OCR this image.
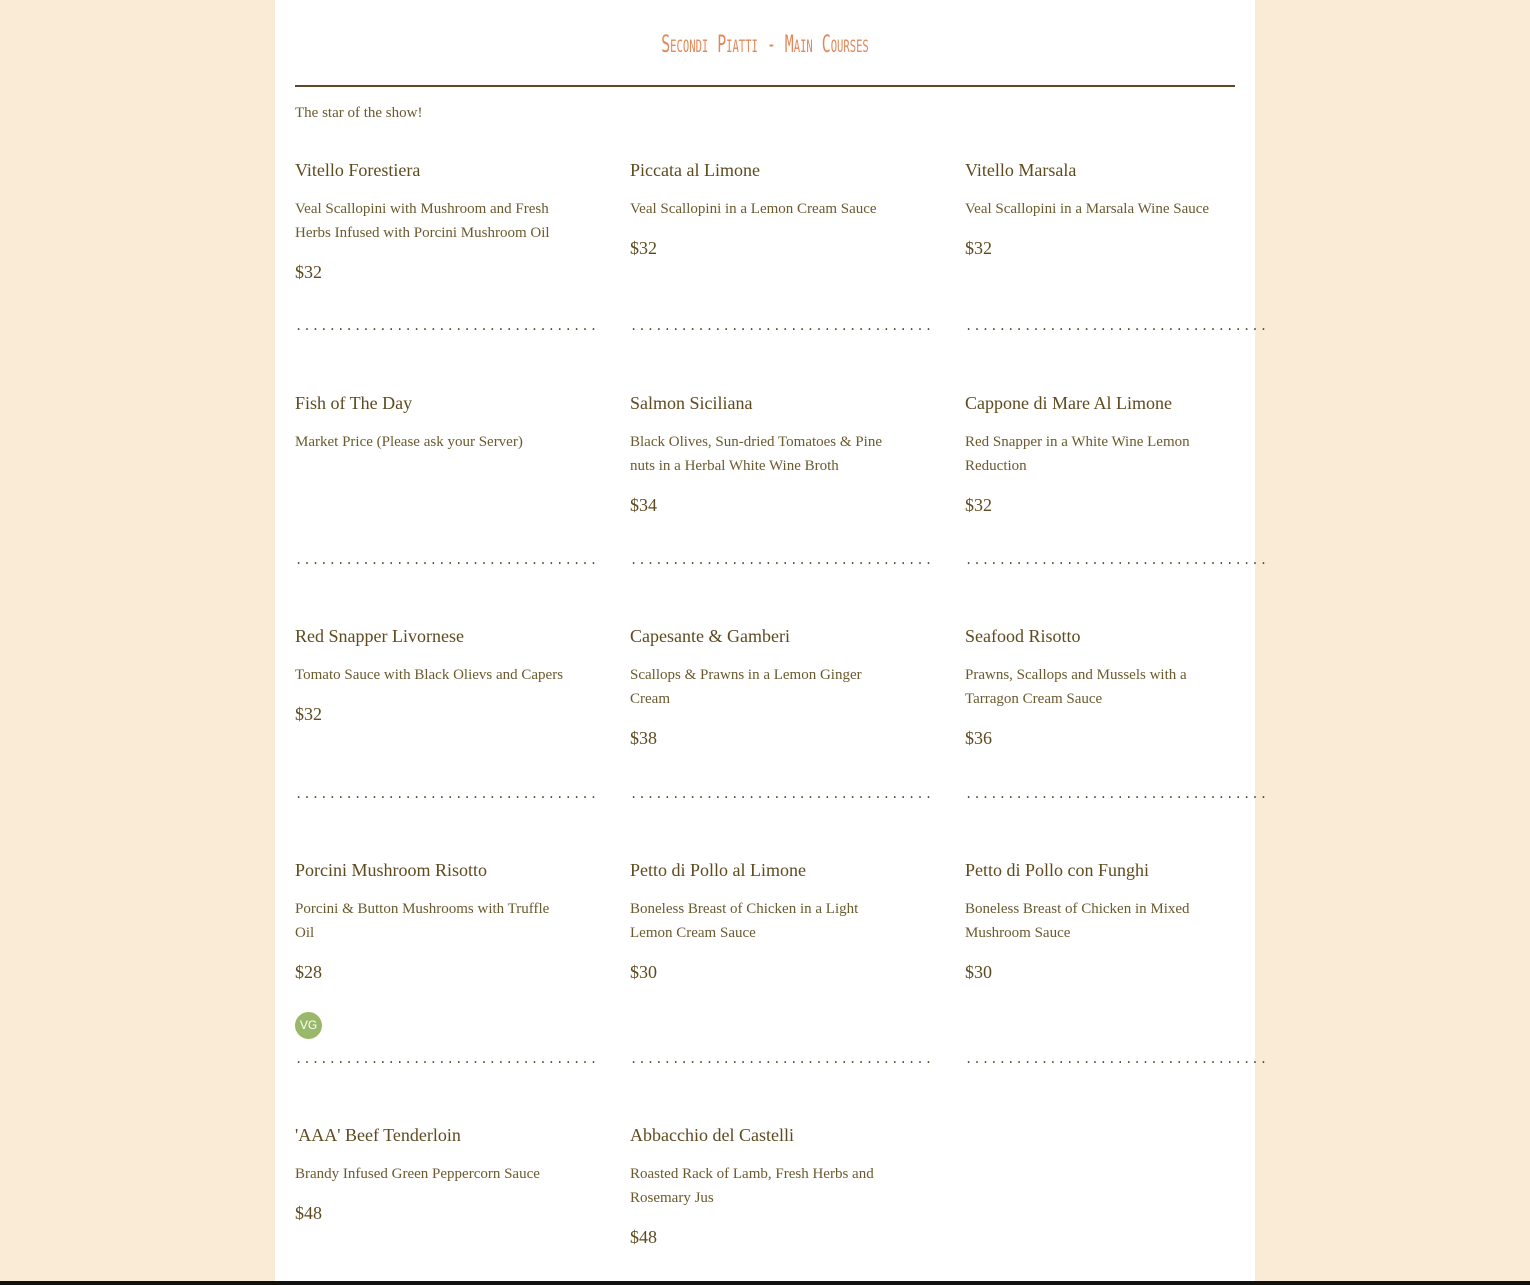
Secondi Piatti - Main Courses

The star of the show!

Vitello Forestiera

Veal Scallopini with Mushroom and Fresh Herbs Infused with Porcini Mushroom Oil

$32

Piccata al Limone

Veal Scallopini in a Lemon Cream Sauce

$32

Vitello Marsala

Veal Scallopini in a Marsala Wine Sauce

$32

....................................	....................................	....................................
Fish of The Day

Market Price (Please ask your Server)

Salmon Siciliana

Black Olives, Sun-dried Tomatoes & Pine nuts in a Herbal White Wine Broth

$34

Cappone di Mare Al Limone

Red Snapper in a White Wine Lemon Reduction

$32

....................................	....................................	....................................
Red Snapper Livornese

Tomato Sauce with Black Olievs and Capers

$32

Capesante & Gamberi

Scallops & Prawns in a Lemon Ginger Cream

$38

Seafood Risotto

Prawns, Scallops and Mussels with a Tarragon Cream Sauce

$36

....................................	....................................	....................................
Porcini Mushroom Risotto

Porcini & Button Mushrooms with Truffle Oil

$28

VG
Petto di Pollo al Limone

Boneless Breast of Chicken in a Light Lemon Cream Sauce

$30

Petto di Pollo con Funghi

Boneless Breast of Chicken in Mixed Mushroom Sauce

$30

....................................	....................................	....................................
'AAA' Beef Tenderloin

Brandy Infused Green Peppercorn Sauce

$48

Abbacchio del Castelli

Roasted Rack of Lamb, Fresh Herbs and Rosemary Jus

$48
